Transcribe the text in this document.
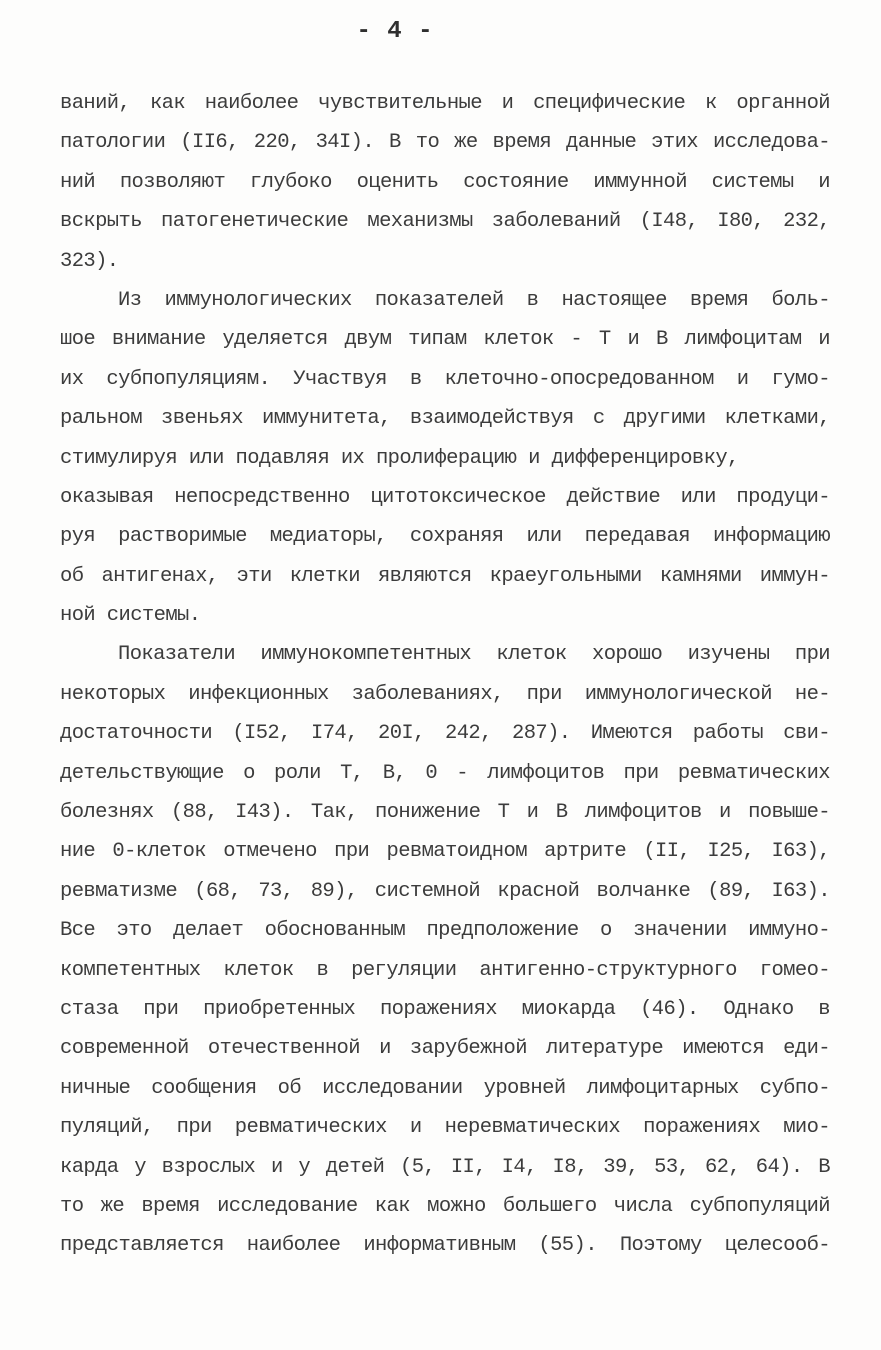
- 4 -
ваний, как наиболее чувствительные и специфические к органной
патологии (II6, 220, 34I). В то же время данные этих исследова-
ний позволяют глубоко оценить состояние иммунной системы и
вскрыть патогенетические механизмы заболеваний (I48, I80, 232,
323).
Из иммунологических показателей в настоящее время боль-
шое внимание уделяется двум типам клеток - Т и В лимфоцитам и
их субпопуляциям. Участвуя в клеточно-опосредованном и гумо-
ральном звеньях иммунитета, взаимодействуя с другими клетками,
стимулируя или подавляя их пролиферацию и дифференцировку,
оказывая непосредственно цитотоксическое действие или продуци-
руя растворимые медиаторы, сохраняя или передавая информацию
об антигенах, эти клетки являются краеугольными камнями иммун-
ной системы.
Показатели иммунокомпетентных клеток хорошо изучены при
некоторых инфекционных заболеваниях, при иммунологической не-
достаточности (I52, I74, 20I, 242, 287). Имеются работы сви-
детельствующие о роли Т, В, 0 - лимфоцитов при ревматических
болезнях (88, I43). Так, понижение Т и В лимфоцитов и повыше-
ние 0-клеток отмечено при ревматоидном артрите (II, I25, I63),
ревматизме (68, 73, 89), системной красной волчанке (89, I63).
Все это делает обоснованным предположение о значении иммуно-
компетентных клеток в регуляции антигенно-структурного гомео-
стаза при приобретенных поражениях миокарда (46). Однако в
современной отечественной и зарубежной литературе имеются еди-
ничные сообщения об исследовании уровней лимфоцитарных субпо-
пуляций, при ревматических и неревматических поражениях мио-
карда у взрослых и у детей (5, II, I4, I8, 39, 53, 62, 64). В
то же время исследование как можно большего числа субпопуляций
представляется наиболее информативным (55). Поэтому целесооб-
